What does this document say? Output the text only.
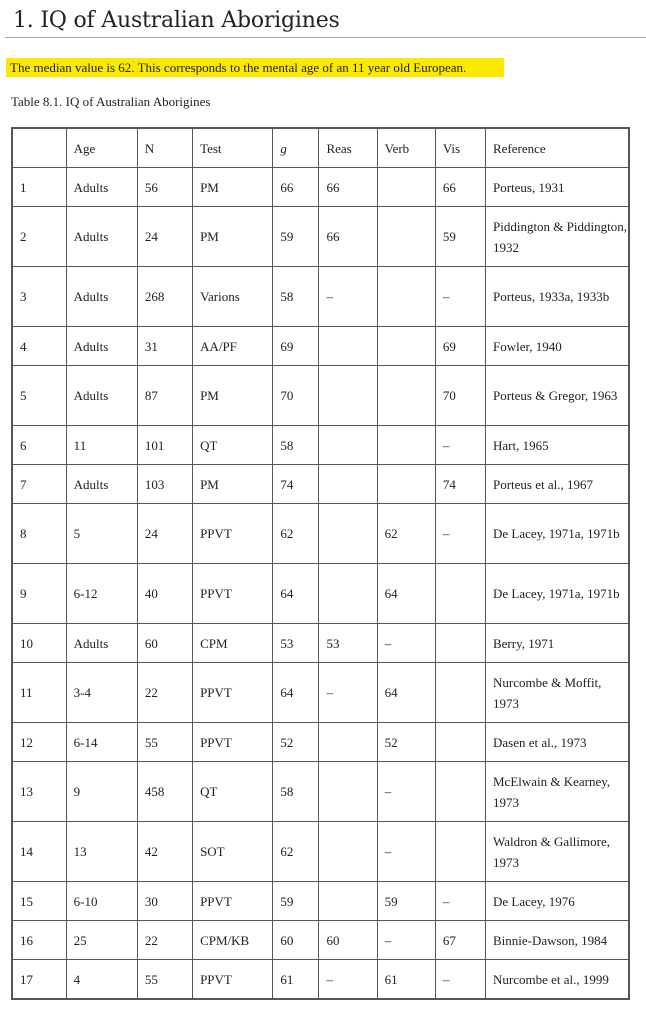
1. IQ of Australian Aborigines
The median value is 62. This corresponds to the mental age of an 11 year old European.
Table 8.1. IQ of Australian Aborigines
	Age	N	Test	g	Reas	Verb	Vis	Reference
1	Adults	56	PM	66	66		66	Porteus, 1931
2	Adults	24	PM	59	66		59	Piddington & Piddington, 1932
3	Adults	268	Varions	58	–		–	Porteus, 1933a, 1933b
4	Adults	31	AA/PF	69			69	Fowler, 1940
5	Adults	87	PM	70			70	Porteus & Gregor, 1963
6	11	101	QT	58			–	Hart, 1965
7	Adults	103	PM	74			74	Porteus et al., 1967
8	5	24	PPVT	62		62	–	De Lacey, 1971a, 1971b
9	6-12	40	PPVT	64		64		De Lacey, 1971a, 1971b
10	Adults	60	CPM	53	53	–		Berry, 1971
11	3-4	22	PPVT	64	–	64		Nurcombe & Moffit, 1973
12	6-14	55	PPVT	52		52		Dasen et al., 1973
13	9	458	QT	58		–		McElwain & Kearney, 1973
14	13	42	SOT	62		–		Waldron & Gallimore, 1973
15	6-10	30	PPVT	59		59	–	De Lacey, 1976
16	25	22	CPM/KB	60	60	–	67	Binnie-Dawson, 1984
17	4	55	PPVT	61	–	61	–	Nurcombe et al., 1999
